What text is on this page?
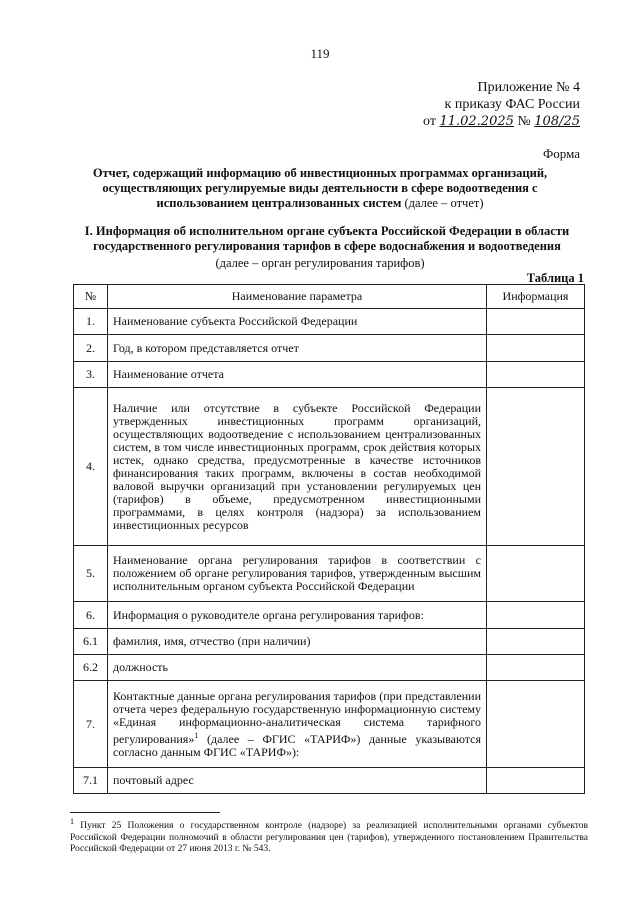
119
Приложение № 4
к приказу ФАС России
от 11.02.2025 № 108/25
Форма
Отчет, содержащий информацию об инвестиционных программах организаций,
осуществляющих регулируемые виды деятельности в сфере водоотведения с
использованием централизованных систем (далее – отчет)
I. Информация об исполнительном органе субъекта Российской Федерации в области государственного регулирования тарифов в сфере водоснабжения и водоотведения
(далее – орган регулирования тарифов)
Таблица 1
№	Наименование параметра	Информация
1.	Наименование субъекта Российской Федерации	
2.	Год, в котором представляется отчет	
3.	Наименование отчета	
4.	Наличие или отсутствие в субъекте Российской Федерации утвержденных инвестиционных программ организаций, осуществляющих водоотведение с использованием централизованных систем, в том числе инвестиционных программ, срок действия которых истек, однако средства, предусмотренные в качестве источников финансирования таких программ, включены в состав необходимой валовой выручки организаций при установлении регулируемых цен (тарифов) в объеме, предусмотренном инвестиционными программами, в целях контроля (надзора) за использованием инвестиционных ресурсов	
5.	Наименование органа регулирования тарифов в соответствии с положением об органе регулирования тарифов, утвержденным высшим исполнительным органом субъекта Российской Федерации	
6.	Информация о руководителе органа регулирования тарифов:	
6.1	фамилия, имя, отчество (при наличии)	
6.2	должность	
7.	Контактные данные органа регулирования тарифов (при представлении отчета через федеральную государственную информационную систему «Единая информационно-аналитическая система тарифного регулирования»$^1$ (далее – ФГИС «ТАРИФ») данные указываются согласно данным ФГИС «ТАРИФ»):	
7.1	почтовый адрес	
$^1$ Пункт 25 Положения о государственном контроле (надзоре) за реализацией исполнительными органами субъектов Российской Федерации полномочий в области регулирования цен (тарифов), утвержденного постановлением Правительства Российской Федерации от 27 июня 2013 г. № 543.
